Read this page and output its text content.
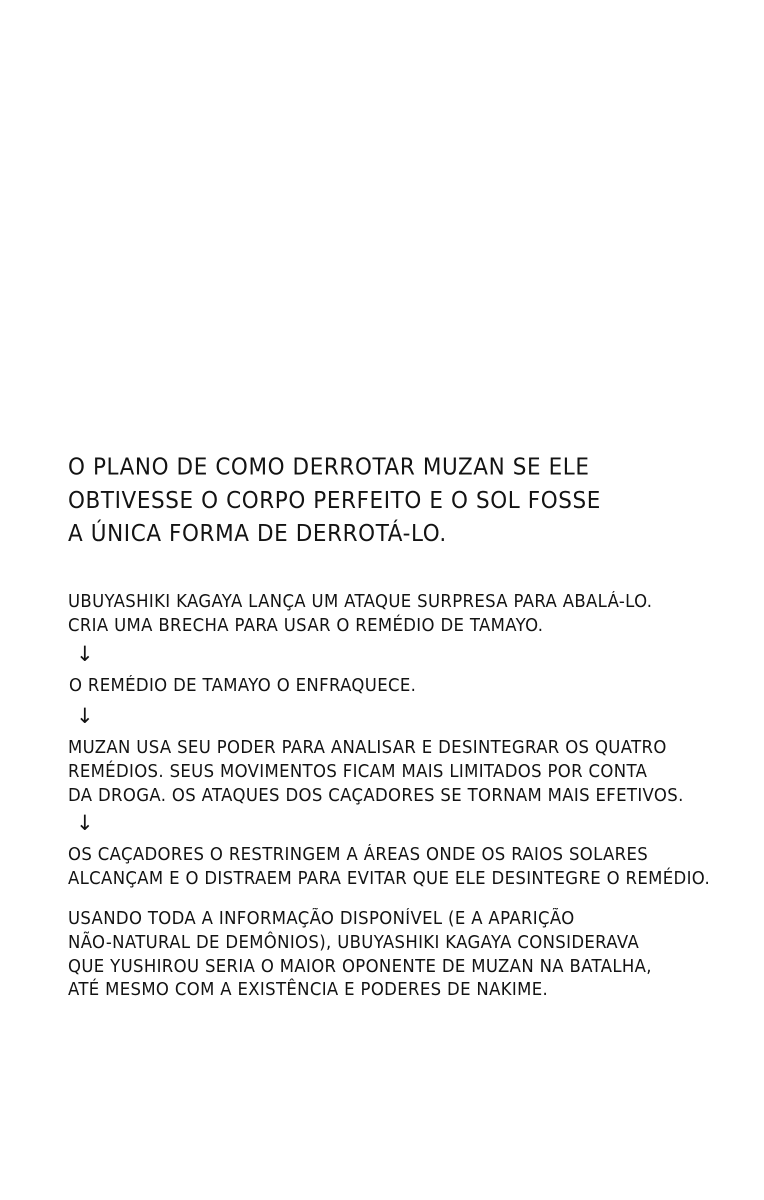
O PLANO DE COMO DERROTAR MUZAN SE ELE
OBTIVESSE O CORPO PERFEITO E O SOL FOSSE
A ÚNICA FORMA DE DERROTÁ-LO.
UBUYASHIKI KAGAYA LANÇA UM ATAQUE SURPRESA PARA ABALÁ-LO.
CRIA UMA BRECHA PARA USAR O REMÉDIO DE TAMAYO.
↓
O REMÉDIO DE TAMAYO O ENFRAQUECE.
↓
MUZAN USA SEU PODER PARA ANALISAR E DESINTEGRAR OS QUATRO
REMÉDIOS. SEUS MOVIMENTOS FICAM MAIS LIMITADOS POR CONTA
DA DROGA. OS ATAQUES DOS CAÇADORES SE TORNAM MAIS EFETIVOS.
↓
OS CAÇADORES O RESTRINGEM A ÁREAS ONDE OS RAIOS SOLARES
ALCANÇAM E O DISTRAEM PARA EVITAR QUE ELE DESINTEGRE O REMÉDIO.
USANDO TODA A INFORMAÇÃO DISPONÍVEL (E A APARIÇÃO
NÃO-NATURAL DE DEMÔNIOS), UBUYASHIKI KAGAYA CONSIDERAVA
QUE YUSHIROU SERIA O MAIOR OPONENTE DE MUZAN NA BATALHA,
ATÉ MESMO COM A EXISTÊNCIA E PODERES DE NAKIME.
